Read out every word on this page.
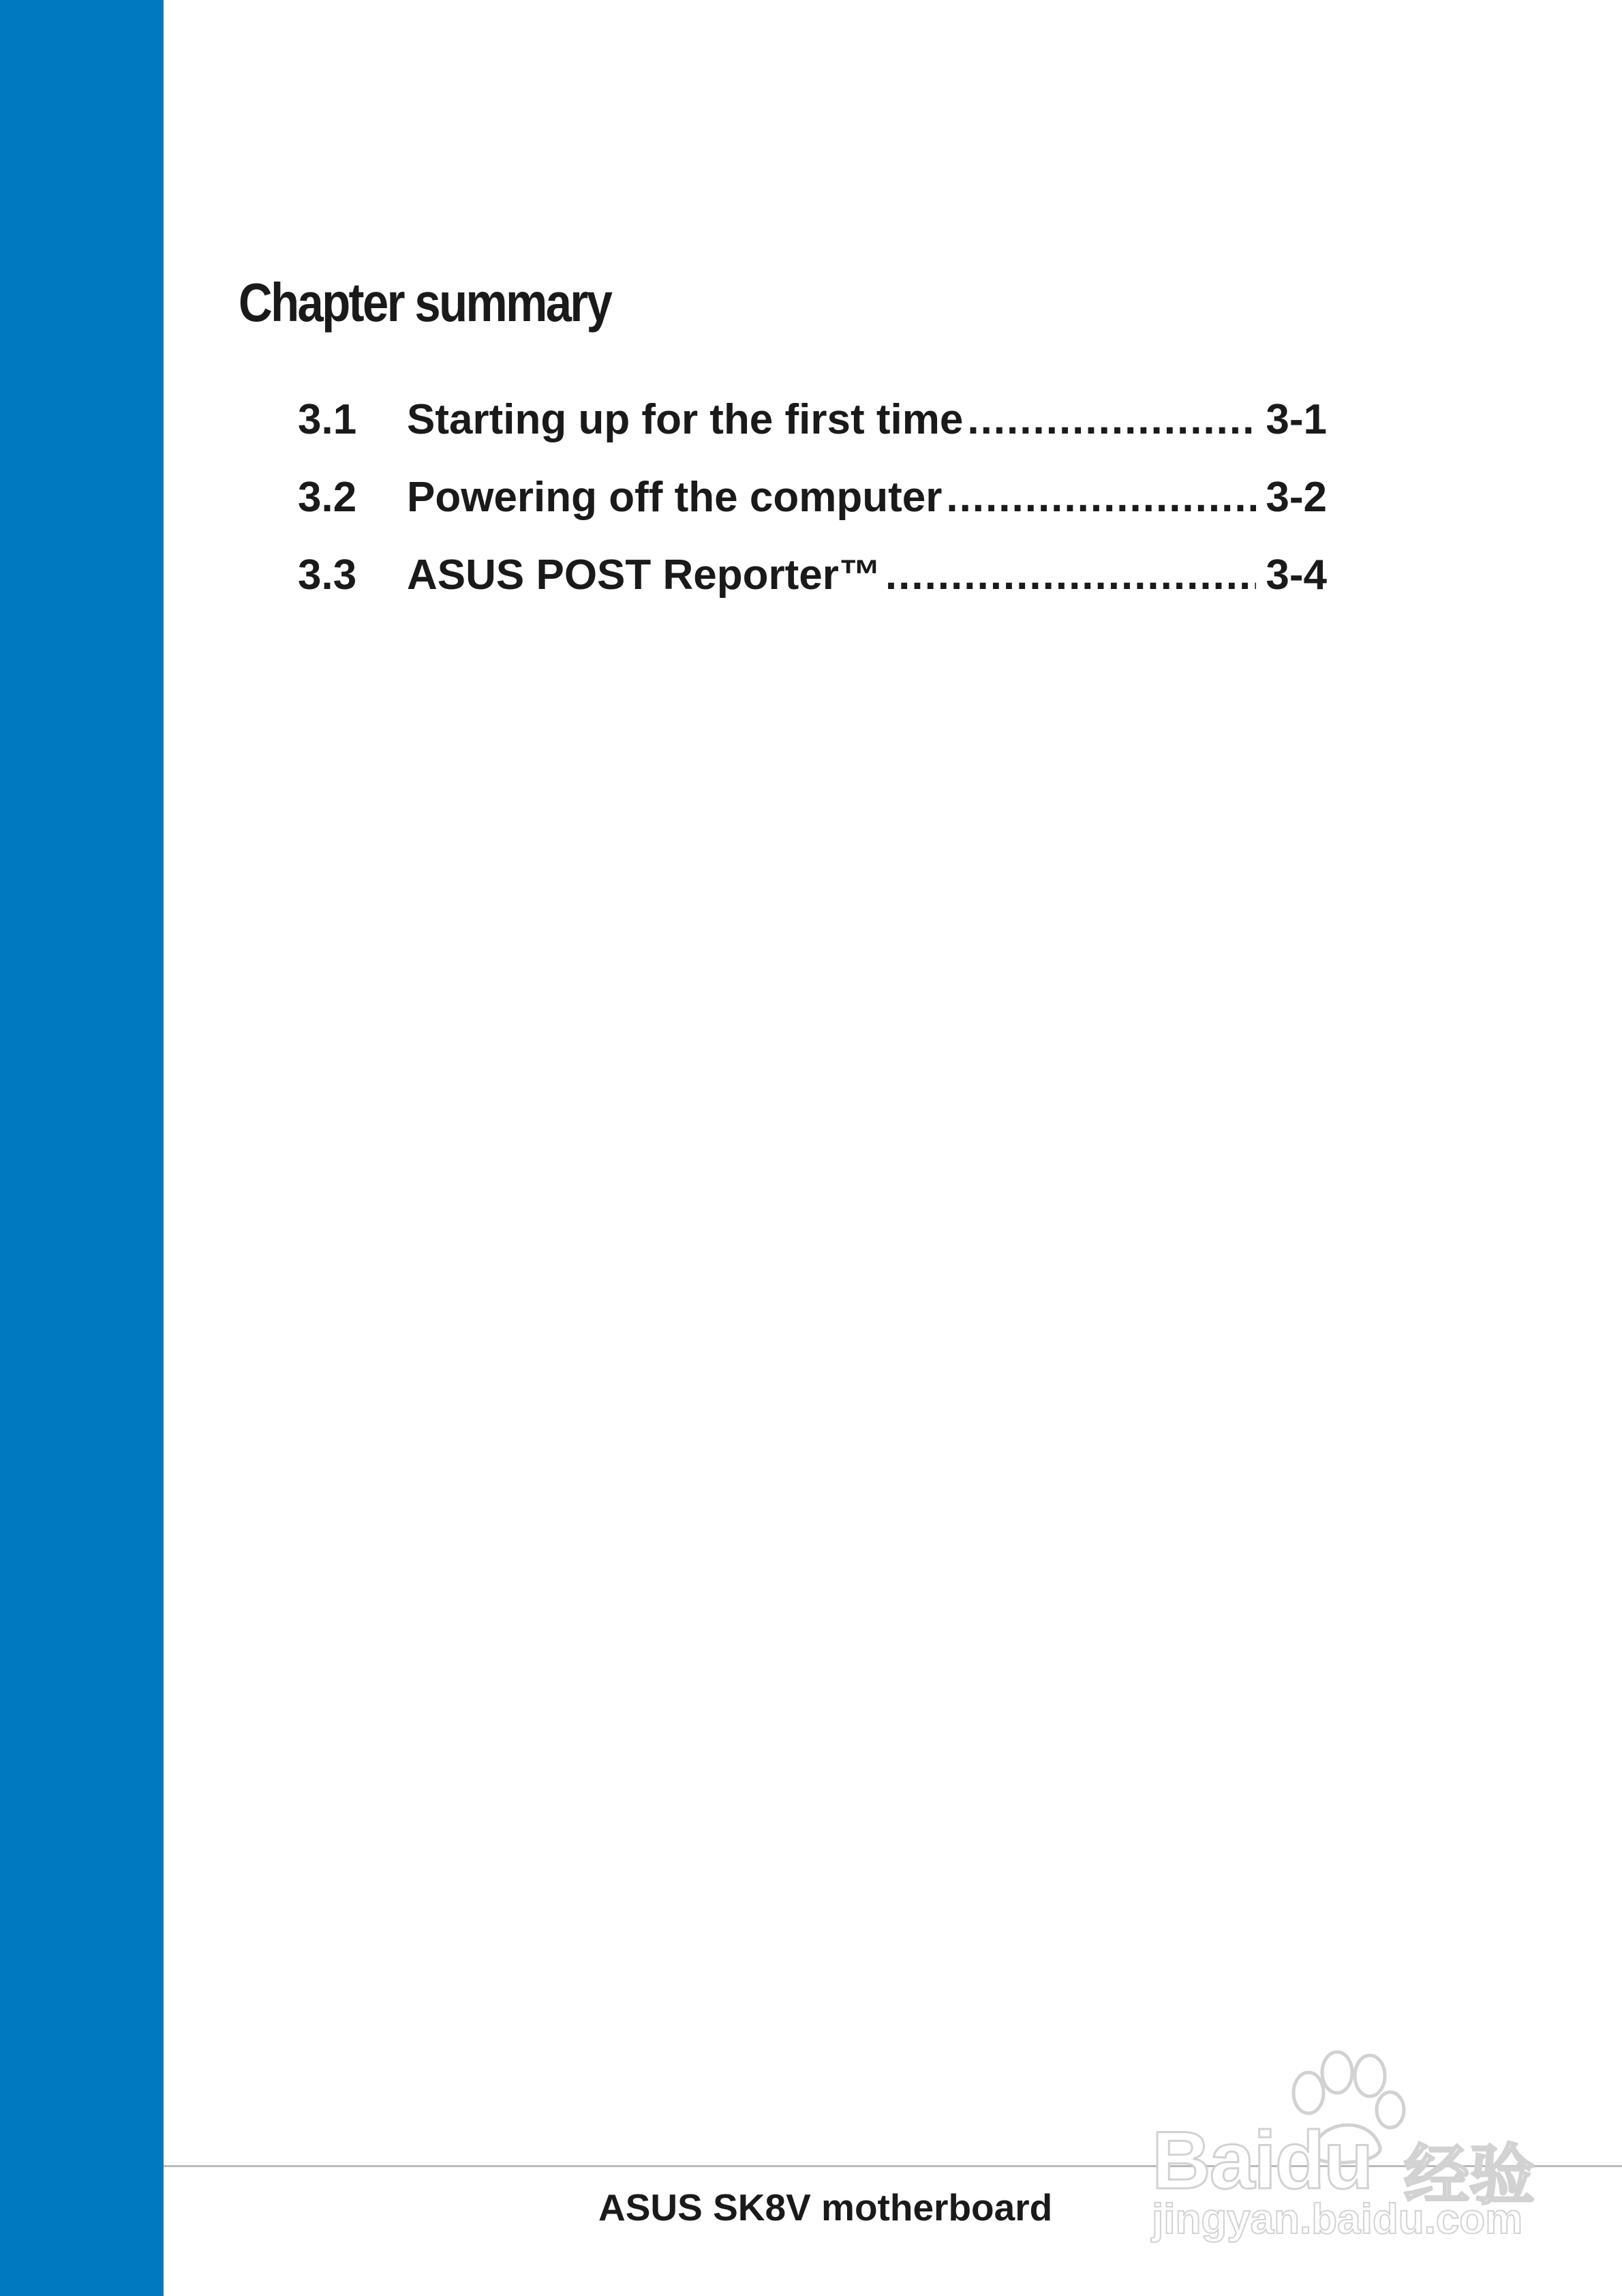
Chapter summary
3.1	Starting up for the first time .....	3-1
3.2	Powering off the computer .....	3-2
3.3	ASUS POST Reporter™ .....	3-4
ASUS SK8V motherboard
Baidu 经验
jingyan.baidu.com
